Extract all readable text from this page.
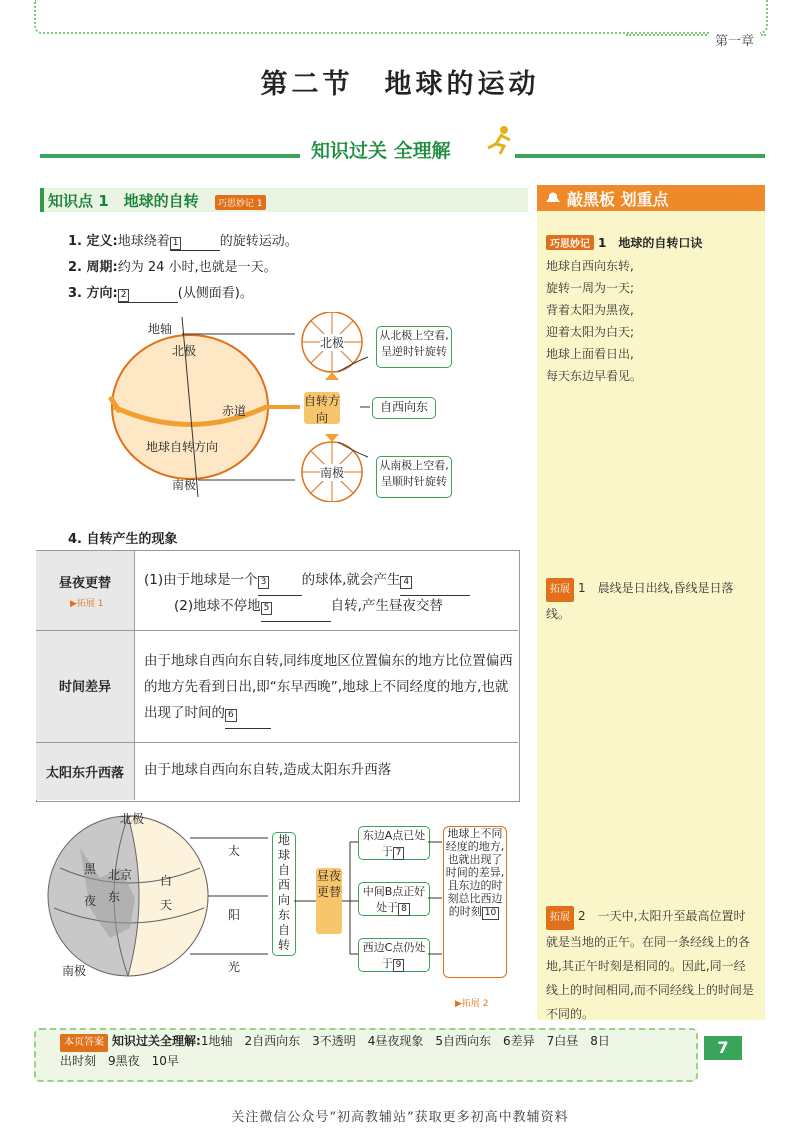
第一章
第二节　地球的运动
知识过关 全理解
知识点 1　地球的自转	巧思妙记 1
1. 定义:地球绕着 1	的旋转运动。
2. 周期:约为 24 小时,也就是一天。
3. 方向: 2	(从侧面看)。
地轴
北极
赤道
地球自转方向
南极
北极
南极
自转方向
自西向东
从北极上空看,呈逆时针旋转
从南极上空看,呈顺时针旋转
4. 自转产生的现象
昼夜更替
▶拓展 1
(1)由于地球是一个 3	的球体,就会产生 4
(2)地球不停地 5	自转,产生昼夜交替
时间差异
由于地球自西向东自转,同纬度地区位置偏东的地方比位置偏西的地方先看到日出,即“东早西晚”,地球上不同经度的地方,也就出现了时间的 6
太阳东升西落	由于地球自西向东自转,造成太阳东升西落
北极
南极
黑
夜
北京
东
白
天
太
阳
光
地球自西向东自转
昼夜更替
东边A点已处于 7
中间B点正好处于 8
西边C点仍处于 9
地球上不同经度的地方,也就出现了时间的差异,且东边的时刻总比西边的时刻 10
▶拓展 2
敲黑板 划重点
巧思妙记 1　 地球的自转口诀
地球自西向东转,
旋转一周为一天;
背着太阳为黑夜,
迎着太阳为白天;
地球上面看日出,
每天东边早看见。
拓展 1　 晨线是日出线,昏线是日落线。
拓展 2　 一天中,太阳升至最高位置时就是当地的正午。在同一条经线上的各地,其正午时刻是相同的。因此,同一经线上的时间相同,而不同经线上的时间是不同的。
本页答案 知识过关全理解:1地轴　2自西向东　3不透明　4昼夜现象　5自西向东　6差异　7白昼　8日
出时刻　9黑夜　10早
7
关注微信公众号“初高教辅站”获取更多初高中教辅资料
